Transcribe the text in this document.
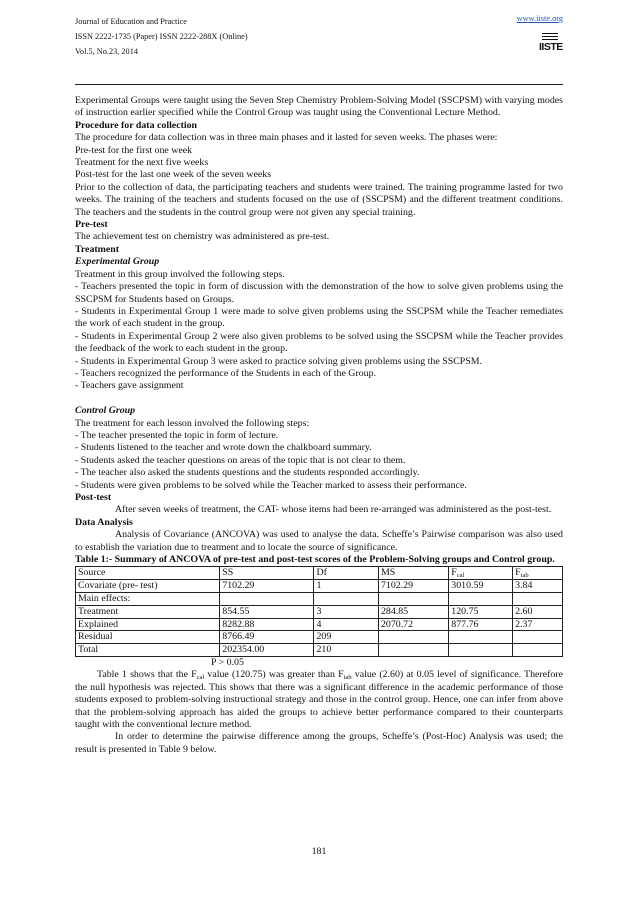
Journal of Education and Practice
ISSN 2222-1735 (Paper) ISSN 2222-288X (Online)
Vol.5, No.23, 2014
www.iiste.org
IISTE

Experimental Groups were taught using the Seven Step Chemistry Problem-Solving Model (SSCPSM) with varying modes of instruction earlier specified while the Control Group was taught using the Conventional Lecture Method.

Procedure for data collection

The procedure for data collection was in three main phases and it lasted for seven weeks. The phases were:

Pre-test for the first one week

Treatment for the next five weeks

Post-test for the last one week of the seven weeks

Prior to the collection of data, the participating teachers and students were trained. The training programme lasted for two weeks. The training of the teachers and students focused on the use of (SSCPSM) and the different treatment conditions. The teachers and the students in the control group were not given any special training.

Pre-test

The achievement test on chemistry was administered as pre-test.

Treatment

Experimental Group

Treatment in this group involved the following steps.

- Teachers presented the topic in form of discussion with the demonstration of the how to solve given problems using the SSCPSM for Students based on Groups.

- Students in Experimental Group 1 were made to solve given problems using the SSCPSM while the Teacher remediates the work of each student in the group.

- Students in Experimental Group 2 were also given problems to be solved using the SSCPSM while the Teacher provides the feedback of the work to each student in the group.

- Students in Experimental Group 3 were asked to practice solving given problems using the SSCPSM.

- Teachers recognized the performance of the Students in each of the Group.

- Teachers gave assignment

Control Group

The treatment for each lesson involved the following steps:

- The teacher presented the topic in form of lecture.

- Students listened to the teacher and wrote down the chalkboard summary.

- Students asked the teacher questions on areas of the topic that is not clear to them.

- The teacher also asked the students questions and the students responded accordingly.

- Students were given problems to be solved while the Teacher marked to assess their performance.

Post-test

After seven weeks of treatment, the CAT- whose items had been re-arranged was administered as the post-test.

Data Analysis

Analysis of Covariance (ANCOVA) was used to analyse the data. Scheffe’s Pairwise comparison was also used to establish the variation due to treatment and to locate the source of significance.

Table 1:- Summary of ANCOVA of pre-test and post-test scores of the Problem-Solving groups and Control group.

Source	SS	Df	MS	$F_{cal}$	$F_{tab}$
Covariate (pre- test)	7102.29	1	7102.29	3010.59	3.84
Main effects:					
Treatment	854.55	3	284.85	120.75	2.60
Explained	8282.88	4	2070.72	877.76	2.37
Residual	8766.49	209			
Total	202354.00	210			

P > 0.05

Table 1 shows that the $F_{cal}$ value (120.75) was greater than $F_{tab}$ value (2.60) at 0.05 level of significance. Therefore the null hypothesis was rejected. This shows that there was a significant difference in the academic performance of those students exposed to problem-solving instructional strategy and those in the control group. Hence, one can infer from above that the problem-solving approach has aided the groups to achieve better performance compared to their counterparts taught with the conventional lecture method.

In order to determine the pairwise difference among the groups, Scheffe’s (Post-Hoc) Analysis was used; the result is presented in Table 9 below.

181
